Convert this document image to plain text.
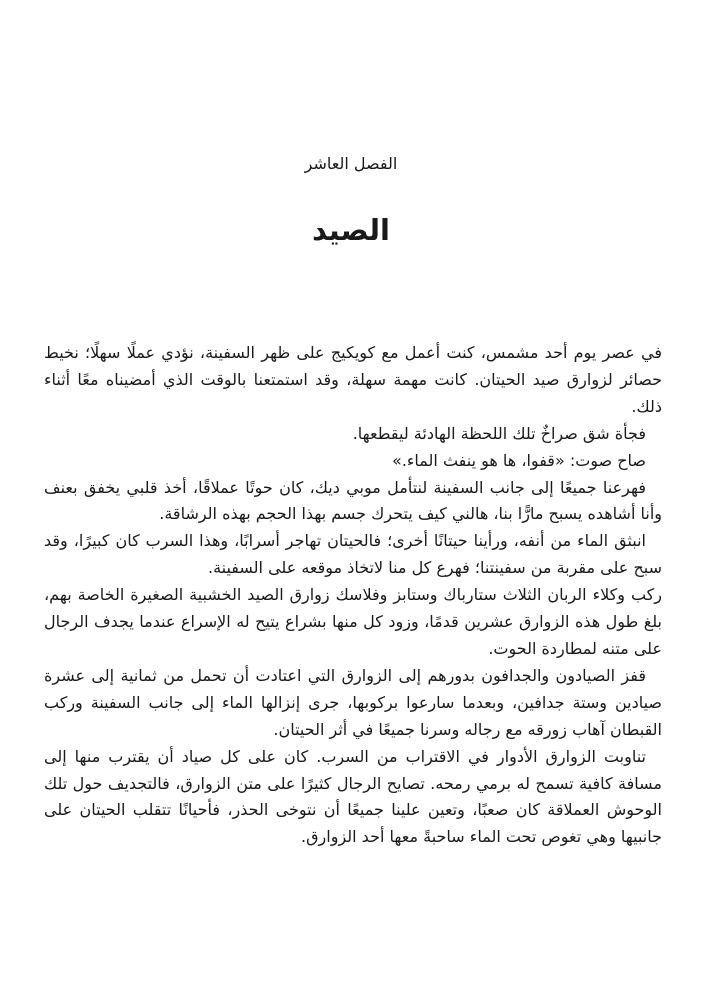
الفصل العاشر
الصيد

في عصر يوم أحد مشمس، كنت أعمل مع كويكيج على ظهر السفينة، نؤدي عملًا سهلًا؛ نخيط حصائر لزوارق صيد الحيتان. كانت مهمة سهلة، وقد استمتعنا بالوقت الذي أمضيناه معًا أثناء ذلك.

فجأة شق صراخٌ تلك اللحظة الهادئة ليقطعها.

صاح صوت: «قفوا، ها هو ينفث الماء.»

فهرعنا جميعًا إلى جانب السفينة لنتأمل موبي ديك، كان حوتًا عملاقًا، أخذ قلبي يخفق بعنف وأنا أشاهده يسبح مارًّا بنا، هالني كيف يتحرك جسم بهذا الحجم بهذه الرشاقة.

انبثق الماء من أنفه، ورأينا حيتانًا أخرى؛ فالحيتان تهاجر أسرابًا، وهذا السرب كان كبيرًا، وقد سبح على مقربة من سفينتنا؛ فهرع كل منا لاتخاذ موقعه على السفينة.

ركب وكلاء الربان الثلاث ستارباك وستابز وفلاسك زوارق الصيد الخشبية الصغيرة الخاصة بهم، بلغ طول هذه الزوارق عشرين قدمًا، وزود كل منها بشراع يتيح له الإسراع عندما يجدف الرجال على متنه لمطاردة الحوت.

قفز الصيادون والجدافون بدورهم إلى الزوارق التي اعتادت أن تحمل من ثمانية إلى عشرة صيادين وستة جدافين، وبعدما سارعوا بركوبها، جرى إنزالها الماء إلى جانب السفينة وركب القبطان آهاب زورقه مع رجاله وسرنا جميعًا في أثر الحيتان.

تناوبت الزوارق الأدوار في الاقتراب من السرب. كان على كل صياد أن يقترب منها إلى مسافة كافية تسمح له برمي رمحه. تصايح الرجال كثيرًا على متن الزوارق، فالتجديف حول تلك الوحوش العملاقة كان صعبًا، وتعين علينا جميعًا أن نتوخى الحذر، فأحيانًا تتقلب الحيتان على جانبيها وهي تغوص تحت الماء ساحبةً معها أحد الزوارق.
